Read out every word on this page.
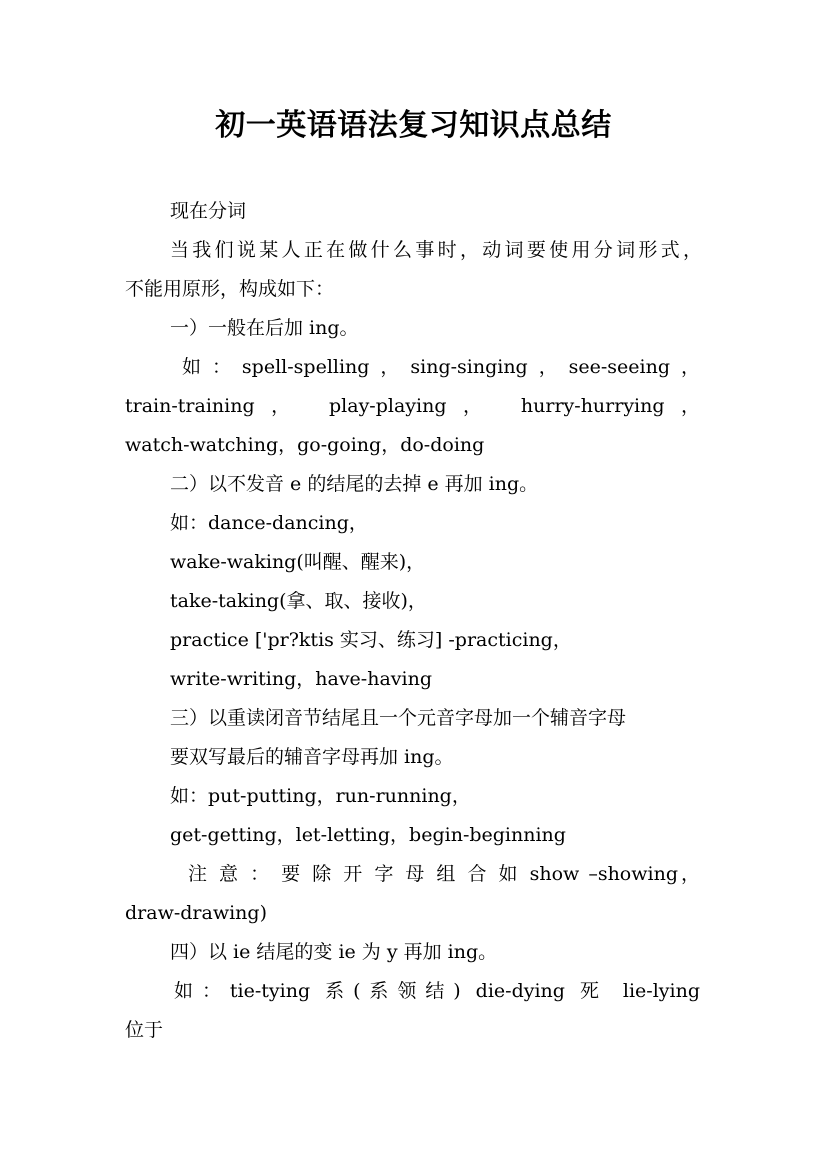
初一英语语法复习知识点总结
现在分词
当我们说某人正在做什么事时，动词要使用分词形式，
不能用原形，构成如下：
一）一般在后加 ing。
如：spell-spelling，sing-singing，see-seeing，
train-training， play-playing， hurry-hurrying，
watch-watching，go-going，do-doing
二）以不发音 e 的结尾的去掉 e 再加 ing。
如：dance-dancing，
wake-waking(叫醒、醒来)，
take-taking(拿、取、接收)，
practice ['pr?ktis 实习、练习] -practicing，
write-writing，have-having
三）以重读闭音节结尾且一个元音字母加一个辅音字母
要双写最后的辅音字母再加 ing。
如：put-putting，run-running，
get-getting，let-letting，begin-beginning
注 意 ： 要 除 开 字 母 组 合 如 show –showing，
draw-drawing)
四）以 ie 结尾的变 ie 为 y 再加 ing。
如：tie-tying 系(系领结) die-dying 死 lie-lying
位于
